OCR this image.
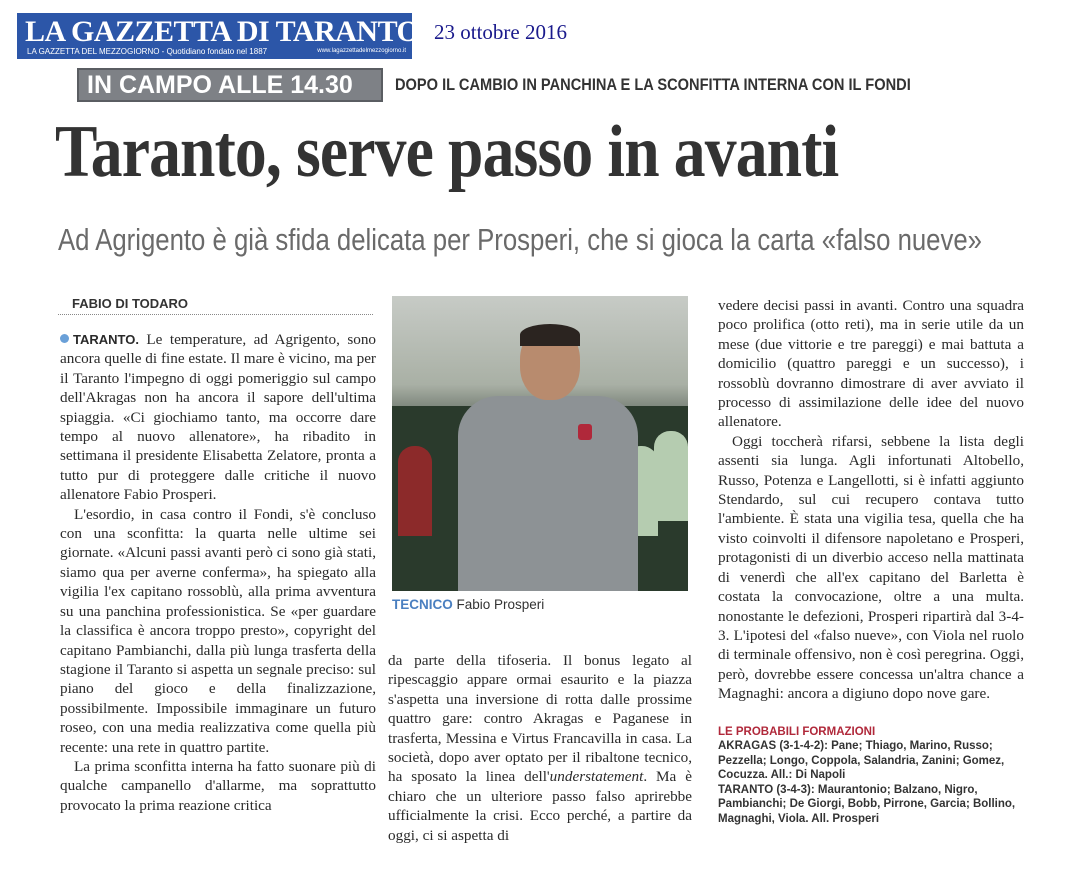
LA GAZZETTA DI TARANTO
LA GAZZETTA DEL MEZZOGIORNO - Quotidiano fondato nel 1887	www.lagazzettadelmezzogiorno.it
23 ottobre 2016
IN CAMPO ALLE 14.30	DOPO IL CAMBIO IN PANCHINA E LA SCONFITTA INTERNA CON IL FONDI
Taranto, serve passo in avanti
Ad Agrigento è già sfida delicata per Prosperi, che si gioca la carta «falso nueve»
FABIO DI TODARO

TARANTO. Le temperature, ad Agrigento, sono ancora quelle di fine estate. Il mare è vicino, ma per il Taranto l'impegno di oggi pomeriggio sul campo dell'Akragas non ha ancora il sapore dell'ultima spiaggia. «Ci giochiamo tanto, ma occorre dare tempo al nuovo allenatore», ha ribadito in settimana il presidente Elisabetta Zelatore, pronta a tutto pur di proteggere dalle critiche il nuovo allenatore Fabio Prosperi.

L'esordio, in casa contro il Fondi, s'è concluso con una sconfitta: la quarta nelle ultime sei giornate. «Alcuni passi avanti però ci sono già stati, siamo qua per averne conferma», ha spiegato alla vigilia l'ex capitano rossoblù, alla prima avventura su una panchina professionistica. Se «per guardare la classifica è ancora troppo presto», copyright del capitano Pambianchi, dalla più lunga trasferta della stagione il Taranto si aspetta un segnale preciso: sul piano del gioco e della finalizzazione, possibilmente. Impossibile immaginare un futuro roseo, con una media realizzativa come quella più recente: una rete in quattro partite.

La prima sconfitta interna ha fatto suonare più di qualche campanello d'allarme, ma soprattutto provocato la prima reazione critica

TECNICO Fabio Prosperi

da parte della tifoseria. Il bonus legato al ripescaggio appare ormai esaurito e la piazza s'aspetta una inversione di rotta dalle prossime quattro gare: contro Akragas e Paganese in trasferta, Messina e Virtus Francavilla in casa. La società, dopo aver optato per il ribaltone tecnico, ha sposato la linea dell'understatement. Ma è chiaro che un ulteriore passo falso aprirebbe ufficialmente la crisi. Ecco perché, a partire da oggi, ci si aspetta di

vedere decisi passi in avanti. Contro una squadra poco prolifica (otto reti), ma in serie utile da un mese (due vittorie e tre pareggi) e mai battuta a domicilio (quattro pareggi e un successo), i rossoblù dovranno dimostrare di aver avviato il processo di assimilazione delle idee del nuovo allenatore.

Oggi toccherà rifarsi, sebbene la lista degli assenti sia lunga. Agli infortunati Altobello, Russo, Potenza e Langellotti, si è infatti aggiunto Stendardo, sul cui recupero contava tutto l'ambiente. È stata una vigilia tesa, quella che ha visto coinvolti il difensore napoletano e Prosperi, protagonisti di un diverbio acceso nella mattinata di venerdì che all'ex capitano del Barletta è costata la convocazione, oltre a una multa. nonostante le defezioni, Prosperi ripartirà dal 3-4-3. L'ipotesi del «falso nueve», con Viola nel ruolo di terminale offensivo, non è così peregrina. Oggi, però, dovrebbe essere concessa un'altra chance a Magnaghi: ancora a digiuno dopo nove gare.

LE PROBABILI FORMAZIONI

AKRAGAS (3-1-4-2): Pane; Thiago, Marino, Russo; Pezzella; Longo, Coppola, Salandria, Zanini; Gomez, Cocuzza. All.: Di Napoli

TARANTO (3-4-3): Maurantonio; Balzano, Nigro, Pambianchi; De Giorgi, Bobb, Pirrone, Garcia; Bollino, Magnaghi, Viola. All. Prosperi
